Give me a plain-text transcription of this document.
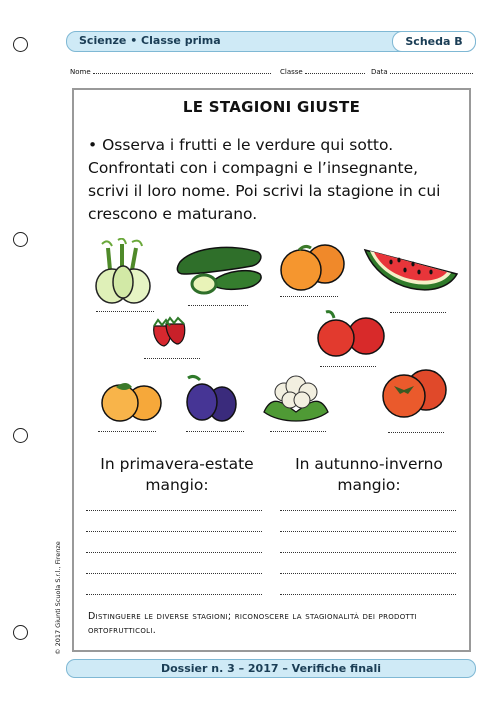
Scienze • Classe prima	Scheda B
Nome	Classe	Data
LE STAGIONI GIUSTE
• Osserva i frutti e le verdure qui sotto. Confrontati con i compagni e l’insegnante, scrivi il loro nome. Poi scrivi la stagione in cui crescono e maturano.
In primavera-estate
mangio:
In autunno-inverno
mangio:
Distinguere le diverse stagioni; riconoscere la stagionalità dei prodotti ortofrutticoli.
© 2017 Giunti Scuola S.r.l., Firenze
Dossier n. 3 – 2017 – Verifiche finali
